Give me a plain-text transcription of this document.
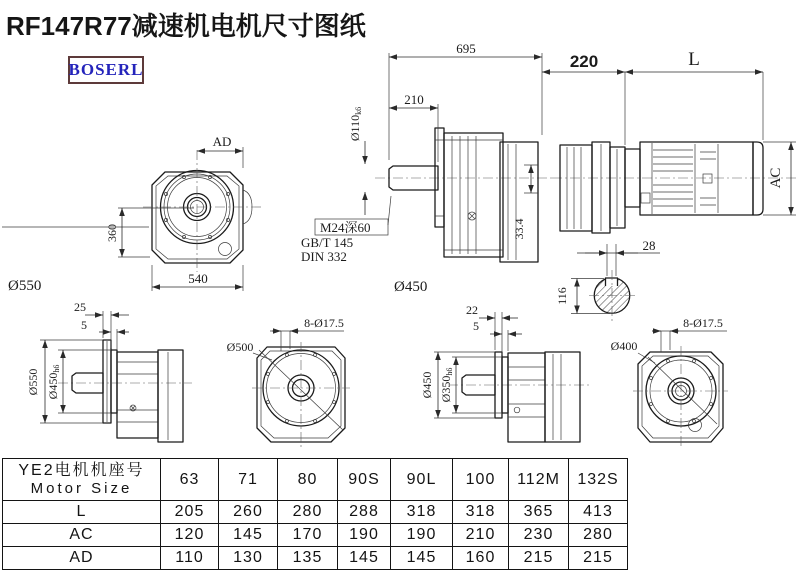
RF147R77减速机电机尺寸图纸
BOSERL
AD
360
540
Ø550
695
210
Ø110k6
33.4
M24深60
GB/T 145
DIN 332
Ø450
220	L
AC
28
116
25
5
Ø550 Ø450h6
8-Ø17.5
Ø500
22
5
Ø450 Ø350h6
8-Ø17.5
Ø400
YE2电机机座号
Motor Size	63	71	80	90S	90L	100	112M	132S
L	205	260	280	288	318	318	365	413
AC	120	145	170	190	190	210	230	280
AD	110	130	135	145	145	160	215	215
